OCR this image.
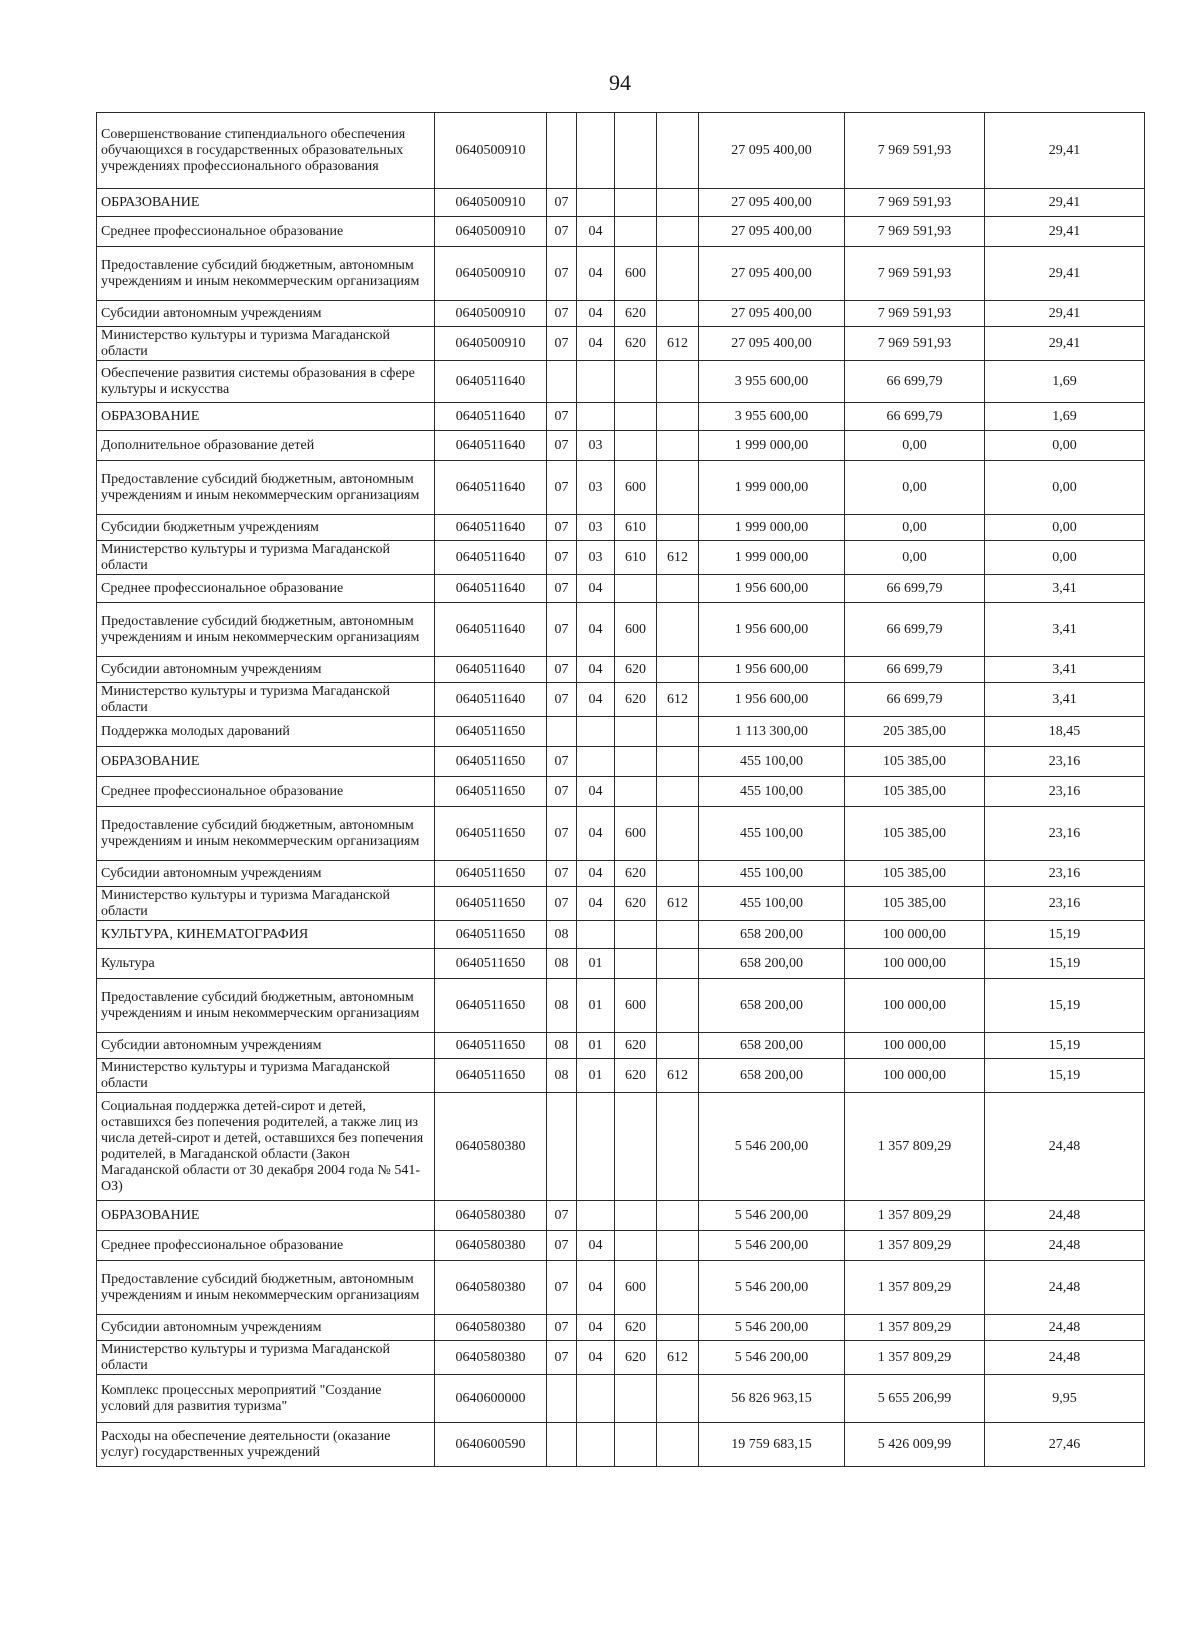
94
Совершенствование стипендиального обеспечения обучающихся в государственных образовательных учреждениях профессионального образования	0640500910					27 095 400,00	7 969 591,93	29,41
ОБРАЗОВАНИЕ	0640500910	07				27 095 400,00	7 969 591,93	29,41
Среднее профессиональное образование	0640500910	07	04			27 095 400,00	7 969 591,93	29,41
Предоставление субсидий бюджетным, автономным учреждениям и иным некоммерческим организациям	0640500910	07	04	600		27 095 400,00	7 969 591,93	29,41
Субсидии автономным учреждениям	0640500910	07	04	620		27 095 400,00	7 969 591,93	29,41
Министерство культуры и туризма Магаданской области	0640500910	07	04	620	612	27 095 400,00	7 969 591,93	29,41
Обеспечение развития системы образования в сфере культуры и искусства	0640511640					3 955 600,00	66 699,79	1,69
ОБРАЗОВАНИЕ	0640511640	07				3 955 600,00	66 699,79	1,69
Дополнительное образование детей	0640511640	07	03			1 999 000,00	0,00	0,00
Предоставление субсидий бюджетным, автономным учреждениям и иным некоммерческим организациям	0640511640	07	03	600		1 999 000,00	0,00	0,00
Субсидии бюджетным учреждениям	0640511640	07	03	610		1 999 000,00	0,00	0,00
Министерство культуры и туризма Магаданской области	0640511640	07	03	610	612	1 999 000,00	0,00	0,00
Среднее профессиональное образование	0640511640	07	04			1 956 600,00	66 699,79	3,41
Предоставление субсидий бюджетным, автономным учреждениям и иным некоммерческим организациям	0640511640	07	04	600		1 956 600,00	66 699,79	3,41
Субсидии автономным учреждениям	0640511640	07	04	620		1 956 600,00	66 699,79	3,41
Министерство культуры и туризма Магаданской области	0640511640	07	04	620	612	1 956 600,00	66 699,79	3,41
Поддержка молодых дарований	0640511650					1 113 300,00	205 385,00	18,45
ОБРАЗОВАНИЕ	0640511650	07				455 100,00	105 385,00	23,16
Среднее профессиональное образование	0640511650	07	04			455 100,00	105 385,00	23,16
Предоставление субсидий бюджетным, автономным учреждениям и иным некоммерческим организациям	0640511650	07	04	600		455 100,00	105 385,00	23,16
Субсидии автономным учреждениям	0640511650	07	04	620		455 100,00	105 385,00	23,16
Министерство культуры и туризма Магаданской области	0640511650	07	04	620	612	455 100,00	105 385,00	23,16
КУЛЬТУРА, КИНЕМАТОГРАФИЯ	0640511650	08				658 200,00	100 000,00	15,19
Культура	0640511650	08	01			658 200,00	100 000,00	15,19
Предоставление субсидий бюджетным, автономным учреждениям и иным некоммерческим организациям	0640511650	08	01	600		658 200,00	100 000,00	15,19
Субсидии автономным учреждениям	0640511650	08	01	620		658 200,00	100 000,00	15,19
Министерство культуры и туризма Магаданской области	0640511650	08	01	620	612	658 200,00	100 000,00	15,19
Социальная поддержка детей-сирот и детей, оставшихся без попечения родителей, а также лиц из числа детей-сирот и детей, оставшихся без попечения родителей, в Магаданской области (Закон Магаданской области от 30 декабря 2004 года № 541-ОЗ)	0640580380					5 546 200,00	1 357 809,29	24,48
ОБРАЗОВАНИЕ	0640580380	07				5 546 200,00	1 357 809,29	24,48
Среднее профессиональное образование	0640580380	07	04			5 546 200,00	1 357 809,29	24,48
Предоставление субсидий бюджетным, автономным учреждениям и иным некоммерческим организациям	0640580380	07	04	600		5 546 200,00	1 357 809,29	24,48
Субсидии автономным учреждениям	0640580380	07	04	620		5 546 200,00	1 357 809,29	24,48
Министерство культуры и туризма Магаданской области	0640580380	07	04	620	612	5 546 200,00	1 357 809,29	24,48
Комплекс процессных мероприятий "Создание условий для развития туризма"	0640600000					56 826 963,15	5 655 206,99	9,95
Расходы на обеспечение деятельности (оказание услуг) государственных учреждений	0640600590					19 759 683,15	5 426 009,99	27,46
